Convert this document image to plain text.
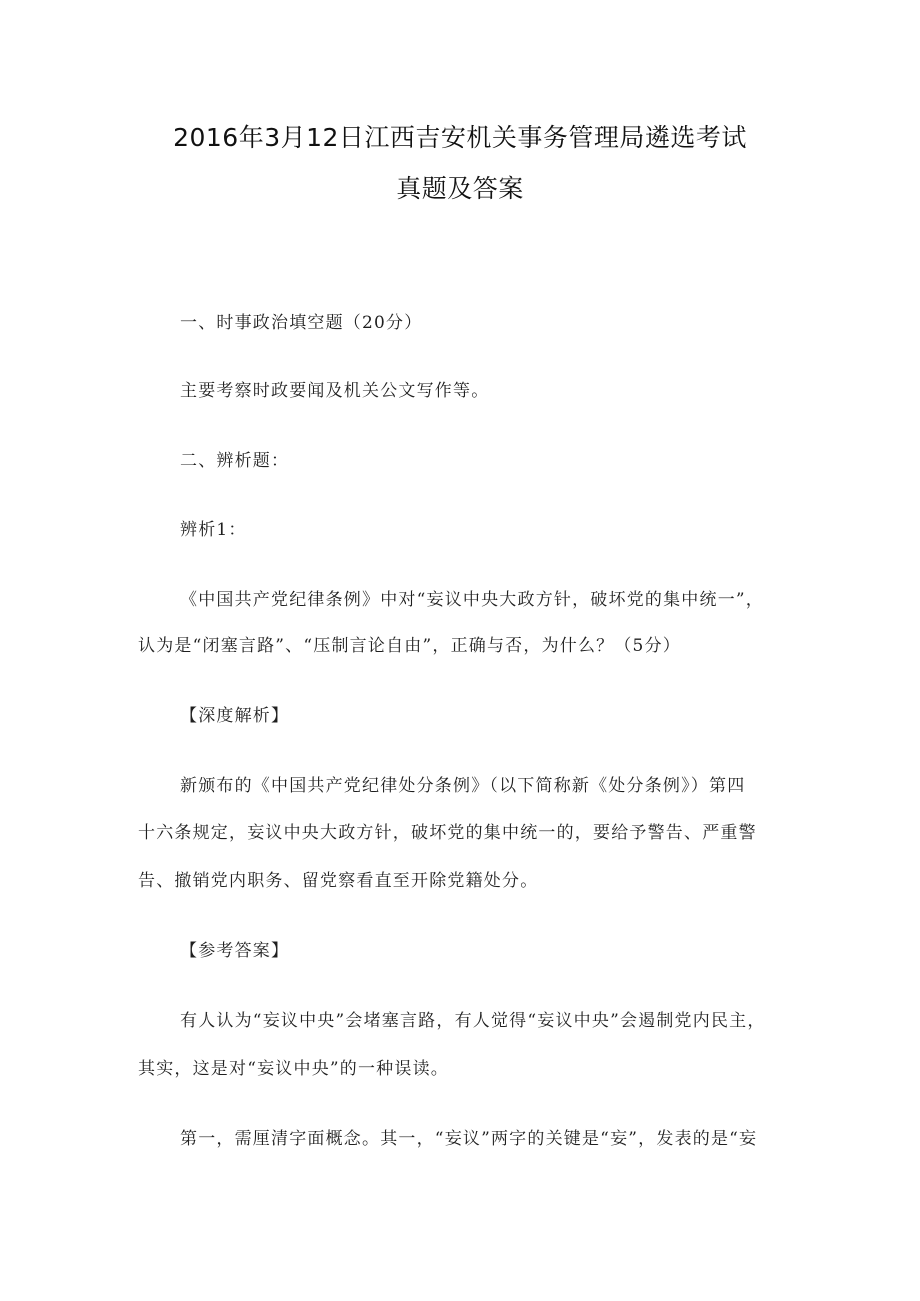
2016年3月12日江西吉安机关事务管理局遴选考试
真题及答案
一、时事政治填空题（20分）
主要考察时政要闻及机关公文写作等。
二、辨析题：
辨析1：
《中国共产党纪律条例》中对“妄议中央大政方针，破坏党的集中统一”，
认为是“闭塞言路”、“压制言论自由”，正确与否，为什么？（5分）
【深度解析】
新颁布的《中国共产党纪律处分条例》（以下简称新《处分条例》）第四
十六条规定，妄议中央大政方针，破坏党的集中统一的，要给予警告、严重警
告、撤销党内职务、留党察看直至开除党籍处分。
【参考答案】
有人认为“妄议中央”会堵塞言路，有人觉得“妄议中央”会遏制党内民主，
其实，这是对“妄议中央”的一种误读。
第一，需厘清字面概念。其一，“妄议”两字的关键是“妄”，发表的是“妄
